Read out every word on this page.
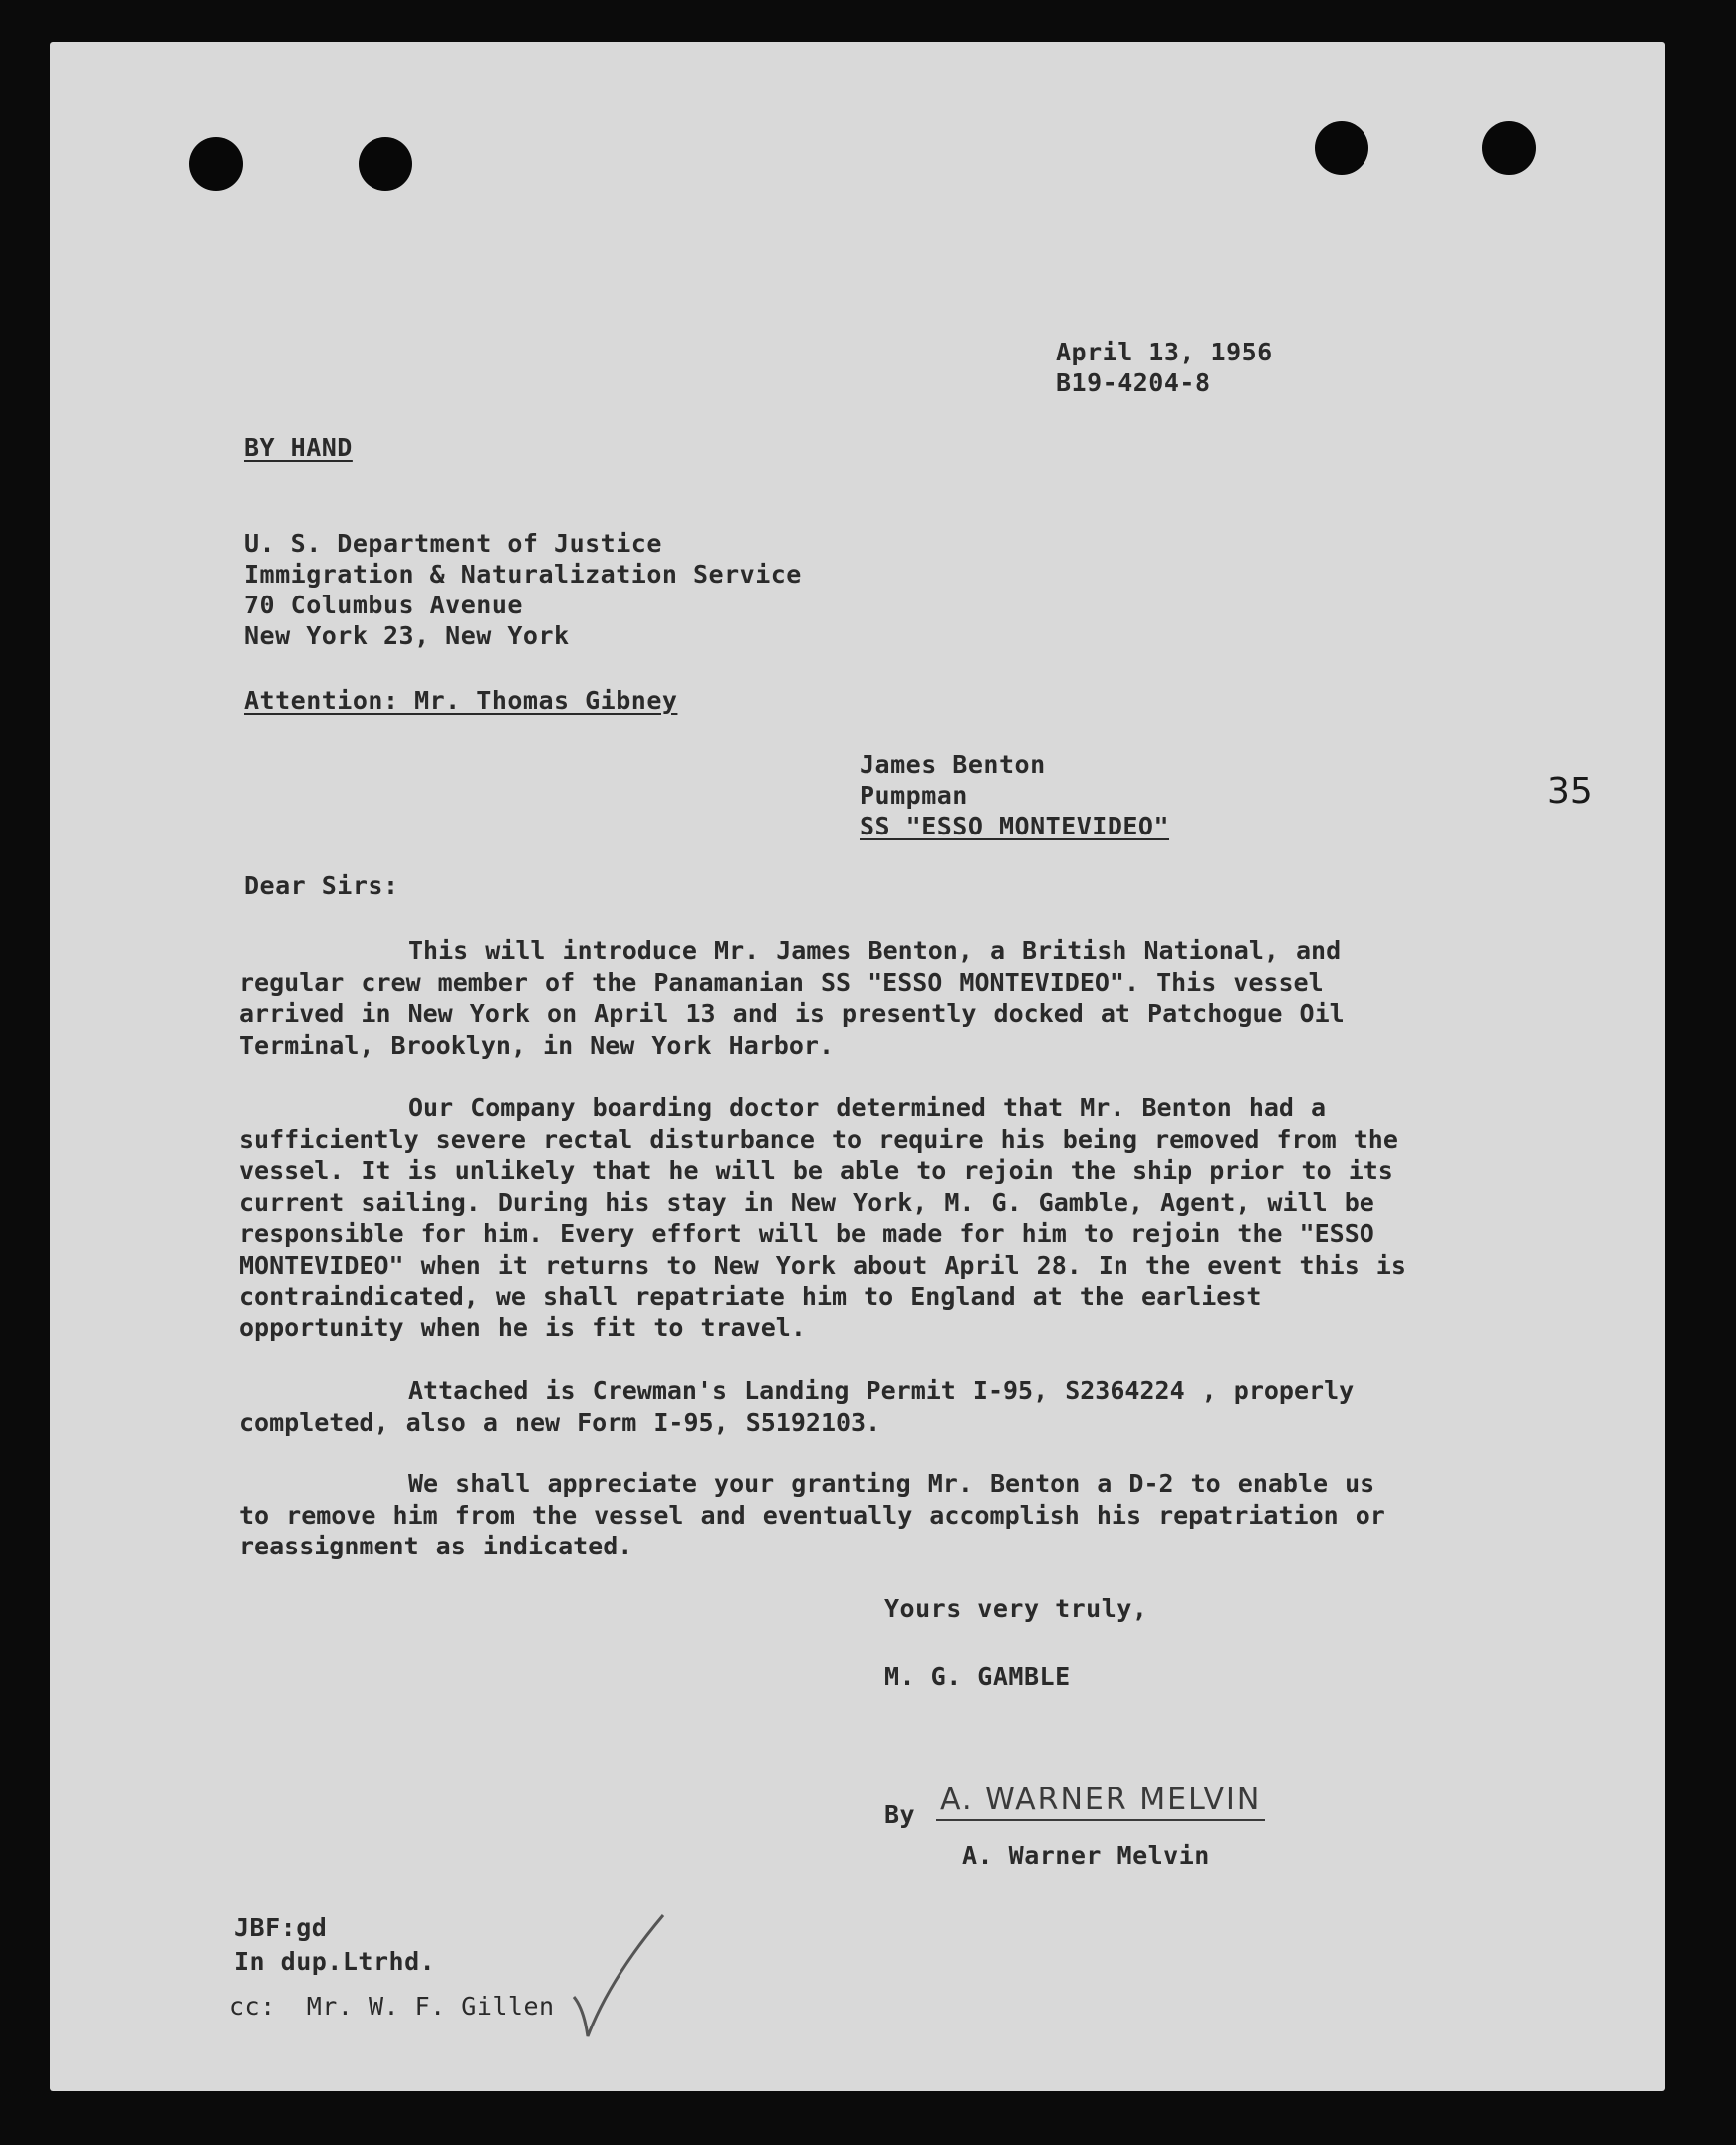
April 13, 1956
B19-4204-8
BY HAND
U. S. Department of Justice
Immigration & Naturalization Service
70 Columbus Avenue
New York 23, New York
Attention: Mr. Thomas Gibney
James Benton
Pumpman
SS "ESSO MONTEVIDEO"
35
Dear Sirs:
This will introduce Mr. James Benton, a British National, and regular crew member of the Panamanian SS "ESSO MONTEVIDEO". This vessel arrived in New York on April 13 and is presently docked at Patchogue Oil Terminal, Brooklyn, in New York Harbor.
Our Company boarding doctor determined that Mr. Benton had a sufficiently severe rectal disturbance to require his being removed from the vessel. It is unlikely that he will be able to rejoin the ship prior to its current sailing. During his stay in New York, M. G. Gamble, Agent, will be responsible for him. Every effort will be made for him to rejoin the "ESSO MONTEVIDEO" when it returns to New York about April 28. In the event this is contraindicated, we shall repatriate him to England at the earliest opportunity when he is fit to travel.
Attached is Crewman's Landing Permit I-95, S2364224 , properly completed, also a new Form I-95, S5192103.
We shall appreciate your granting Mr. Benton a D-2 to enable us to remove him from the vessel and eventually accomplish his repatriation or reassignment as indicated.
Yours very truly,
M. G. GAMBLE
By A. WARNER MELVIN
A. Warner Melvin
JBF:gd
In dup.Ltrhd.
cc:  Mr. W. F. Gillen
